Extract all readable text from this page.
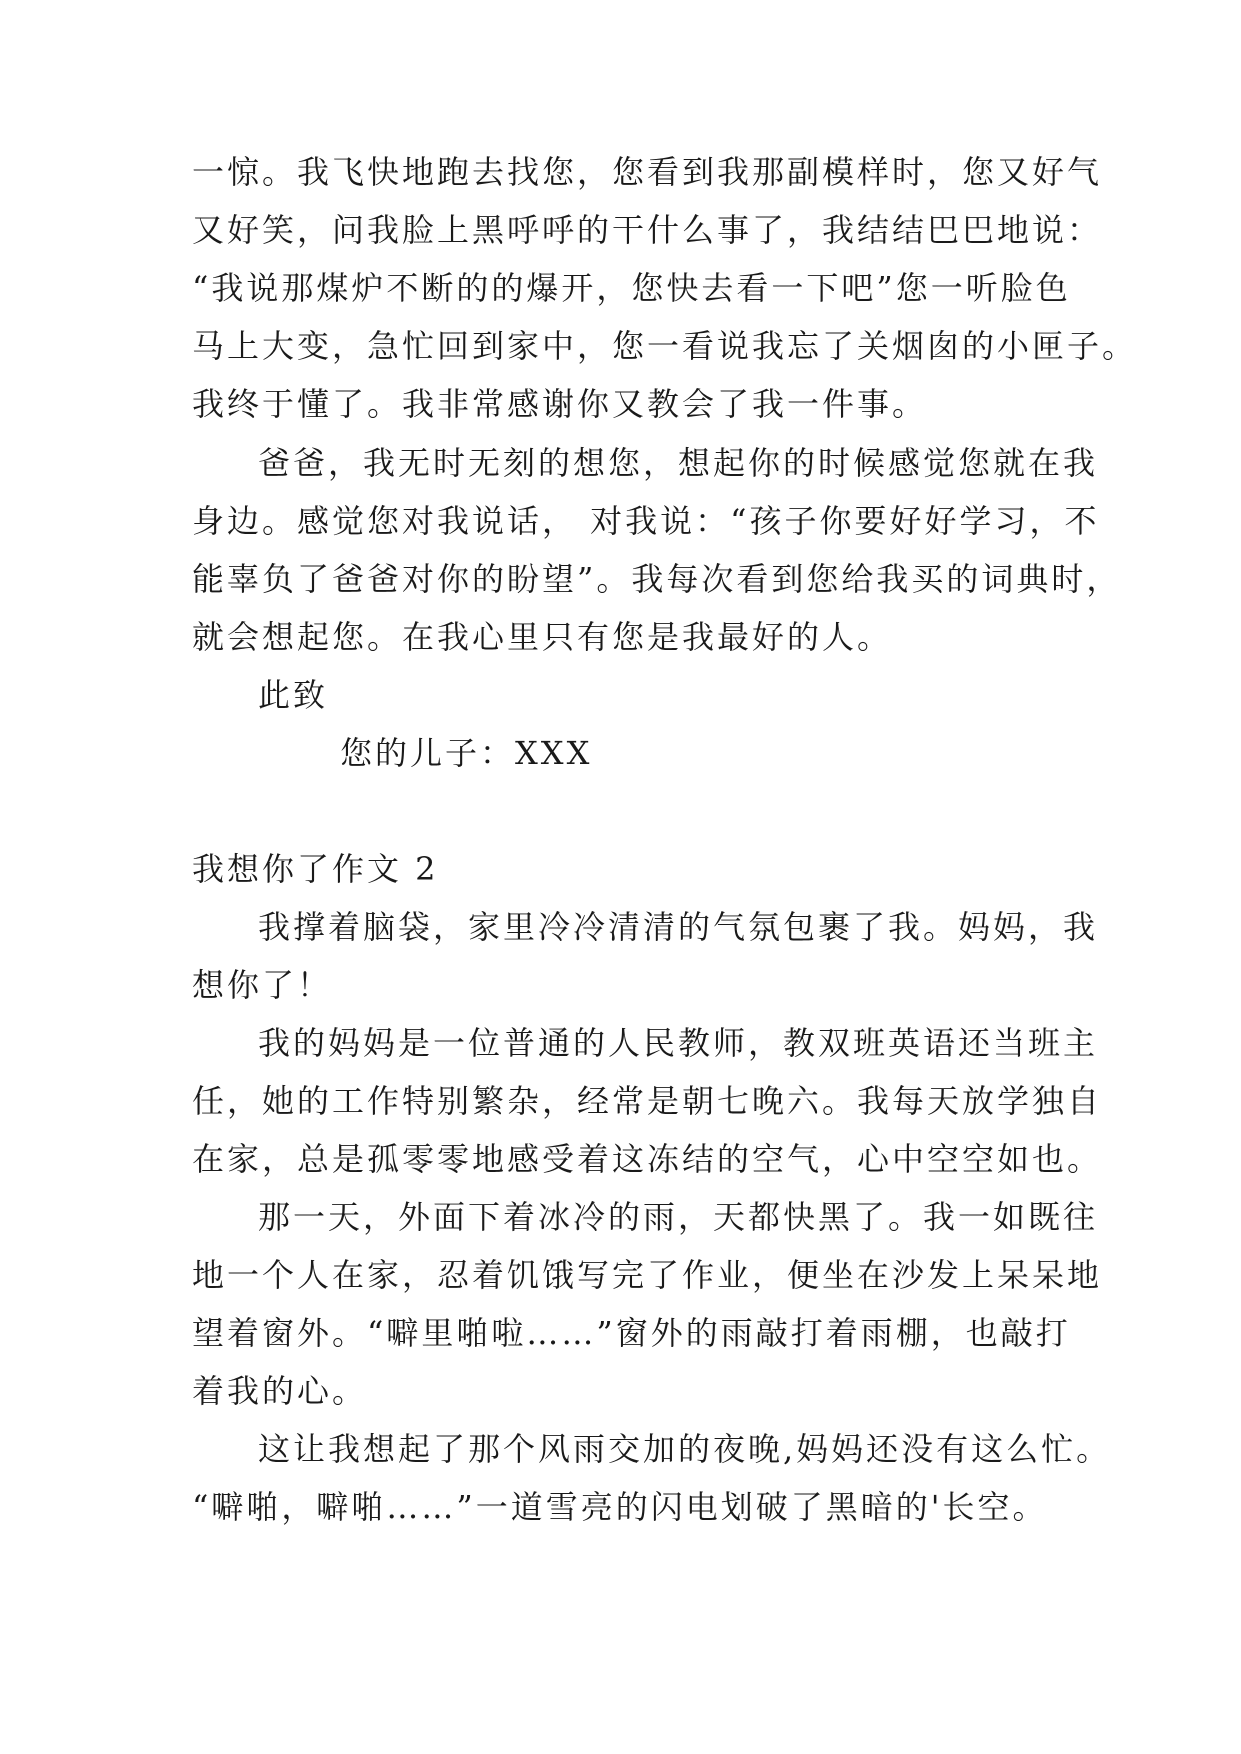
一惊。我飞快地跑去找您，您看到我那副模样时，您又好气
又好笑，问我脸上黑呼呼的干什么事了，我结结巴巴地说：
“我说那煤炉不断的的爆开，您快去看一下吧”您一听脸色
马上大变，急忙回到家中，您一看说我忘了关烟囱的小匣子。
我终于懂了。我非常感谢你又教会了我一件事。
爸爸，我无时无刻的想您，想起你的时候感觉您就在我
身边。感觉您对我说话， 对我说：“孩子你要好好学习，不
能辜负了爸爸对你的盼望”。我每次看到您给我买的词典时，
就会想起您。在我心里只有您是我最好的人。
此致
您的儿子：XXX
我想你了作文 2
我撑着脑袋，家里冷冷清清的气氛包裹了我。妈妈，我
想你了！
我的妈妈是一位普通的人民教师，教双班英语还当班主
任，她的工作特别繁杂，经常是朝七晚六。我每天放学独自
在家，总是孤零零地感受着这冻结的空气，心中空空如也。
那一天，外面下着冰冷的雨，天都快黑了。我一如既往
地一个人在家，忍着饥饿写完了作业，便坐在沙发上呆呆地
望着窗外。“噼里啪啦……”窗外的雨敲打着雨棚，也敲打
着我的心。
这让我想起了那个风雨交加的夜晚,妈妈还没有这么忙。
“噼啪，噼啪……”一道雪亮的闪电划破了黑暗的'长空。
